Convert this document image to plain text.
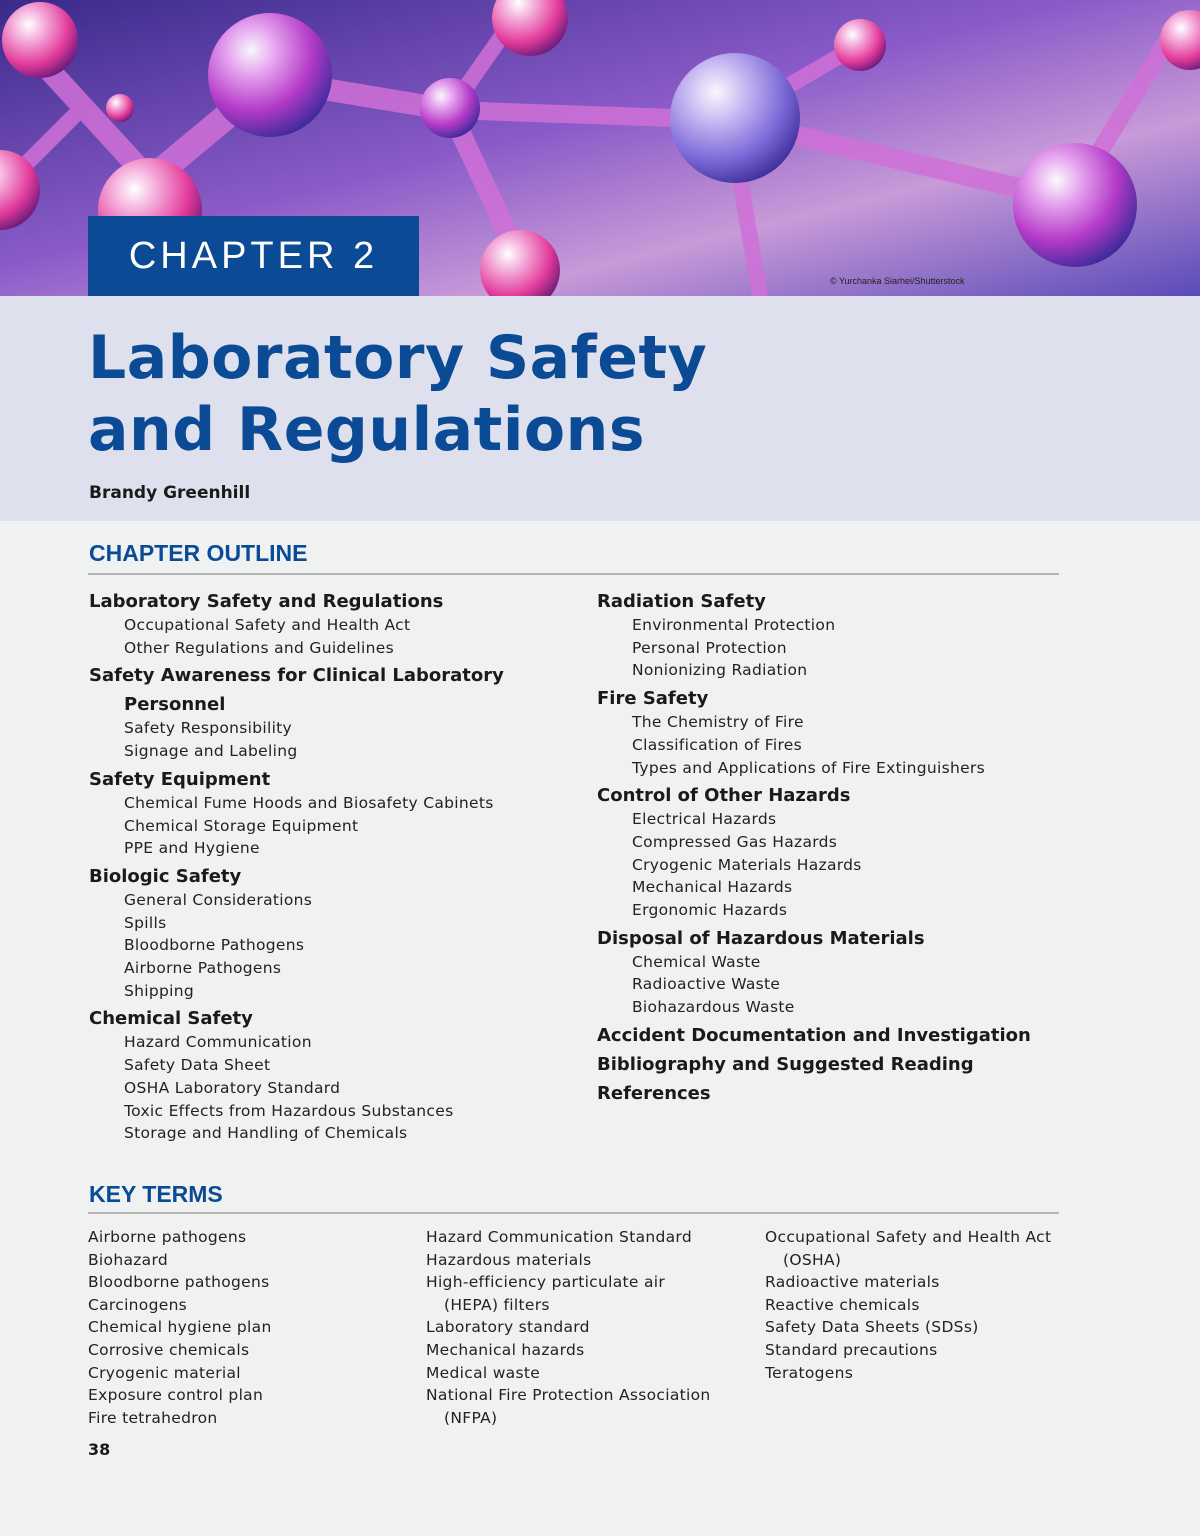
CHAPTER 2
© Yurchanka Siarhei/Shutterstock
Laboratory Safety
and Regulations
Brandy Greenhill
CHAPTER OUTLINE
Laboratory Safety and Regulations
Occupational Safety and Health Act
Other Regulations and Guidelines
Safety Awareness for Clinical Laboratory
Personnel
Safety Responsibility
Signage and Labeling
Safety Equipment
Chemical Fume Hoods and Biosafety Cabinets
Chemical Storage Equipment
PPE and Hygiene
Biologic Safety
General Considerations
Spills
Bloodborne Pathogens
Airborne Pathogens
Shipping
Chemical Safety
Hazard Communication
Safety Data Sheet
OSHA Laboratory Standard
Toxic Effects from Hazardous Substances
Storage and Handling of Chemicals
Radiation Safety
Environmental Protection
Personal Protection
Nonionizing Radiation
Fire Safety
The Chemistry of Fire
Classification of Fires
Types and Applications of Fire Extinguishers
Control of Other Hazards
Electrical Hazards
Compressed Gas Hazards
Cryogenic Materials Hazards
Mechanical Hazards
Ergonomic Hazards
Disposal of Hazardous Materials
Chemical Waste
Radioactive Waste
Biohazardous Waste
Accident Documentation and Investigation
Bibliography and Suggested Reading
References
KEY TERMS
Airborne pathogens
Biohazard
Bloodborne pathogens
Carcinogens
Chemical hygiene plan
Corrosive chemicals
Cryogenic material
Exposure control plan
Fire tetrahedron
Hazard Communication Standard
Hazardous materials
High-efficiency particulate air
(HEPA) filters
Laboratory standard
Mechanical hazards
Medical waste
National Fire Protection Association
(NFPA)
Occupational Safety and Health Act
(OSHA)
Radioactive materials
Reactive chemicals
Safety Data Sheets (SDSs)
Standard precautions
Teratogens
38
